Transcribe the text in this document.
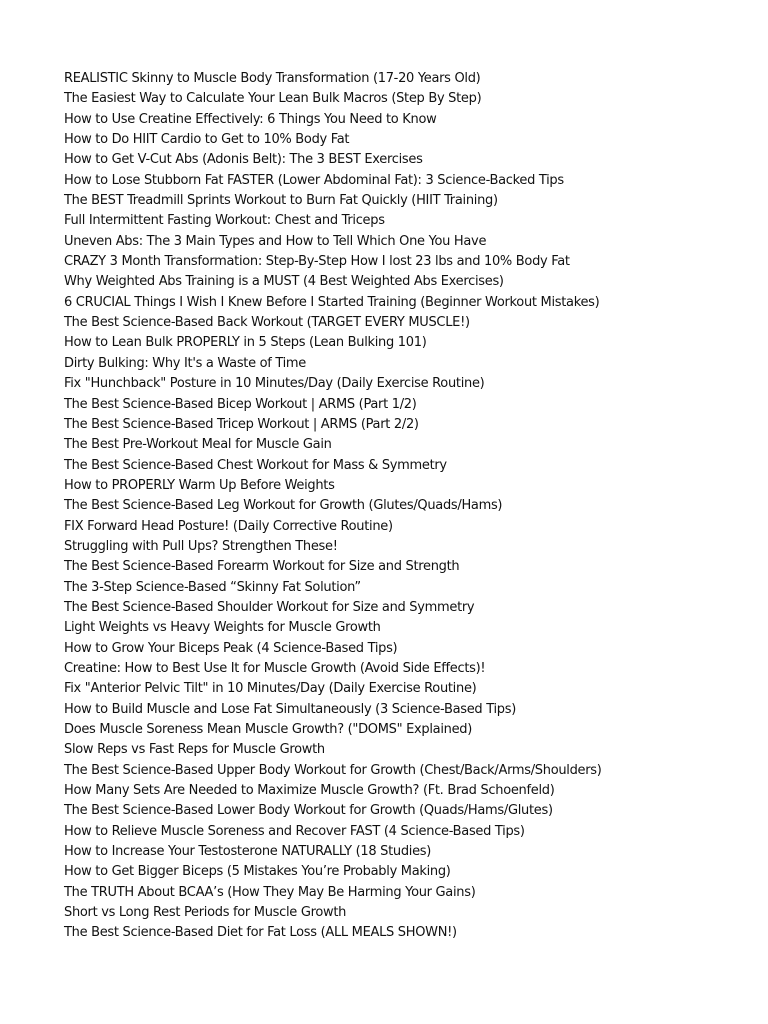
REALISTIC Skinny to Muscle Body Transformation (17-20 Years Old)
The Easiest Way to Calculate Your Lean Bulk Macros (Step By Step)
How to Use Creatine Effectively: 6 Things You Need to Know
How to Do HIIT Cardio to Get to 10% Body Fat
How to Get V-Cut Abs (Adonis Belt): The 3 BEST Exercises
How to Lose Stubborn Fat FASTER (Lower Abdominal Fat): 3 Science-Backed Tips
The BEST Treadmill Sprints Workout to Burn Fat Quickly (HIIT Training)
Full Intermittent Fasting Workout: Chest and Triceps
Uneven Abs: The 3 Main Types and How to Tell Which One You Have
CRAZY 3 Month Transformation: Step-By-Step How I lost 23 lbs and 10% Body Fat
Why Weighted Abs Training is a MUST (4 Best Weighted Abs Exercises)
6 CRUCIAL Things I Wish I Knew Before I Started Training (Beginner Workout Mistakes)
The Best Science-Based Back Workout (TARGET EVERY MUSCLE!)
How to Lean Bulk PROPERLY in 5 Steps (Lean Bulking 101)
Dirty Bulking: Why It's a Waste of Time
Fix "Hunchback" Posture in 10 Minutes/Day (Daily Exercise Routine)
The Best Science-Based Bicep Workout | ARMS (Part 1/2)
The Best Science-Based Tricep Workout | ARMS (Part 2/2)
The Best Pre-Workout Meal for Muscle Gain
The Best Science-Based Chest Workout for Mass & Symmetry
How to PROPERLY Warm Up Before Weights
The Best Science-Based Leg Workout for Growth (Glutes/Quads/Hams)
FIX Forward Head Posture! (Daily Corrective Routine)
Struggling with Pull Ups? Strengthen These!
The Best Science-Based Forearm Workout for Size and Strength
The 3-Step Science-Based “Skinny Fat Solution”
The Best Science-Based Shoulder Workout for Size and Symmetry
Light Weights vs Heavy Weights for Muscle Growth
How to Grow Your Biceps Peak (4 Science-Based Tips)
Creatine: How to Best Use It for Muscle Growth (Avoid Side Effects)!
Fix "Anterior Pelvic Tilt" in 10 Minutes/Day (Daily Exercise Routine)
How to Build Muscle and Lose Fat Simultaneously (3 Science-Based Tips)
Does Muscle Soreness Mean Muscle Growth? ("DOMS" Explained)
Slow Reps vs Fast Reps for Muscle Growth
The Best Science-Based Upper Body Workout for Growth (Chest/Back/Arms/Shoulders)
How Many Sets Are Needed to Maximize Muscle Growth? (Ft. Brad Schoenfeld)
The Best Science-Based Lower Body Workout for Growth (Quads/Hams/Glutes)
How to Relieve Muscle Soreness and Recover FAST (4 Science-Based Tips)
How to Increase Your Testosterone NATURALLY (18 Studies)
How to Get Bigger Biceps (5 Mistakes You’re Probably Making)
The TRUTH About BCAA’s (How They May Be Harming Your Gains)
Short vs Long Rest Periods for Muscle Growth
The Best Science-Based Diet for Fat Loss (ALL MEALS SHOWN!)
